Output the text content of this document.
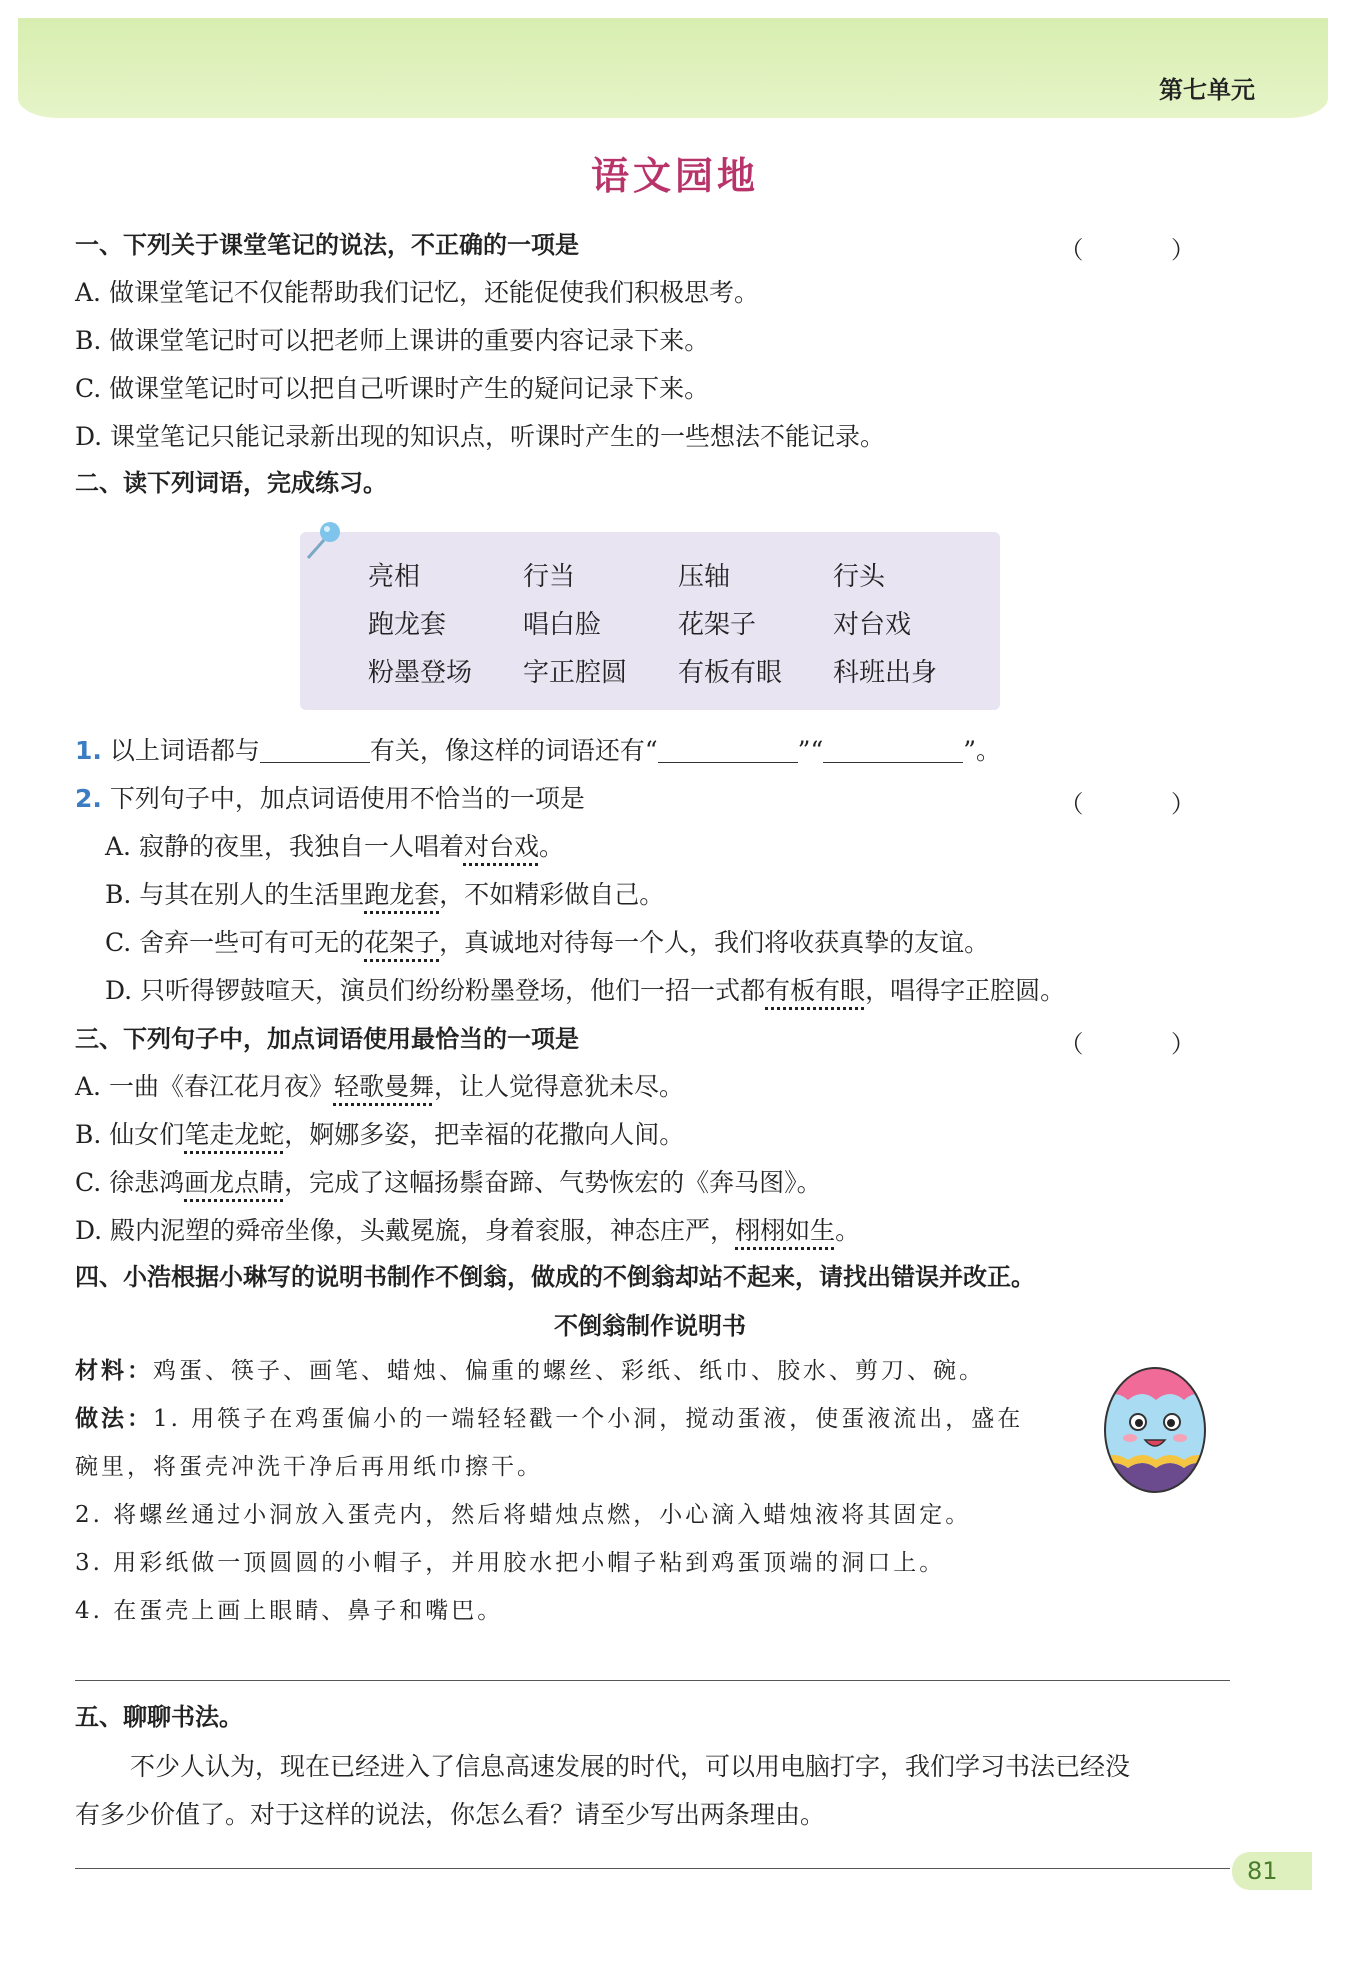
第七单元
语文园地
一、下列关于课堂笔记的说法，不正确的一项是	（ ）
A. 做课堂笔记不仅能帮助我们记忆，还能促使我们积极思考。
B. 做课堂笔记时可以把老师上课讲的重要内容记录下来。
C. 做课堂笔记时可以把自己听课时产生的疑问记录下来。
D. 课堂笔记只能记录新出现的知识点，听课时产生的一些想法不能记录。
二、读下列词语，完成练习。
亮相	行当	压轴	行头
跑龙套	唱白脸	花架子	对台戏
粉墨登场 字正腔圆 有板有眼 科班出身
1. 以上词语都与	有关，像这样的词语还有“	”“	”。
2. 下列句子中，加点词语使用不恰当的一项是	（ ）
A. 寂静的夜里，我独自一人唱着对台戏。
B. 与其在别人的生活里跑龙套，不如精彩做自己。
C. 舍弃一些可有可无的花架子，真诚地对待每一个人，我们将收获真挚的友谊。
D. 只听得锣鼓喧天，演员们纷纷粉墨登场，他们一招一式都有板有眼，唱得字正腔圆。
三、下列句子中，加点词语使用最恰当的一项是	（ ）
A. 一曲《春江花月夜》轻歌曼舞，让人觉得意犹未尽。
B. 仙女们笔走龙蛇，婀娜多姿，把幸福的花撒向人间。
C. 徐悲鸿画龙点睛，完成了这幅扬鬃奋蹄、气势恢宏的《奔马图》。
D. 殿内泥塑的舜帝坐像，头戴冕旒，身着衮服，神态庄严，栩栩如生。
四、小浩根据小琳写的说明书制作不倒翁，做成的不倒翁却站不起来，请找出错误并改正。
不倒翁制作说明书
材料：鸡蛋、筷子、画笔、蜡烛、偏重的螺丝、彩纸、纸巾、胶水、剪刀、碗。
做法：1. 用筷子在鸡蛋偏小的一端轻轻戳一个小洞，搅动蛋液，使蛋液流出，盛在
碗里，将蛋壳冲洗干净后再用纸巾擦干。
2. 将螺丝通过小洞放入蛋壳内，然后将蜡烛点燃，小心滴入蜡烛液将其固定。
3. 用彩纸做一顶圆圆的小帽子，并用胶水把小帽子粘到鸡蛋顶端的洞口上。
4. 在蛋壳上画上眼睛、鼻子和嘴巴。
五、聊聊书法。
不少人认为，现在已经进入了信息高速发展的时代，可以用电脑打字，我们学习书法已经没
有多少价值了。对于这样的说法，你怎么看？请至少写出两条理由。
81
